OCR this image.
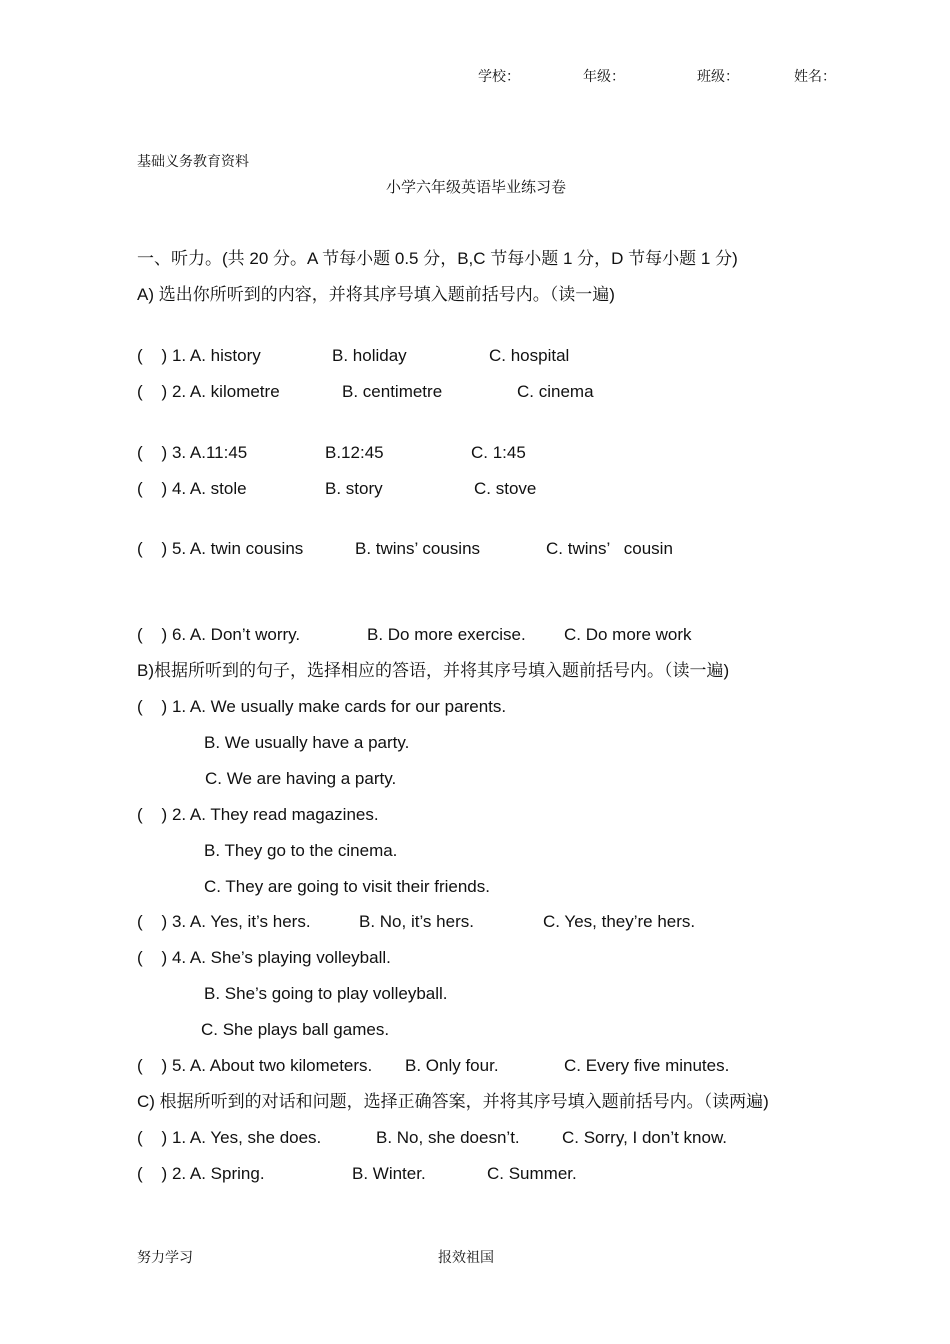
学校：	年级：	班级：	姓名：
基础义务教育资料
小学六年级英语毕业练习卷
一、听力。(共 20 分。A 节每小题 0.5 分，B,C 节每小题 1 分，D 节每小题 1 分)
A) 选出你所听到的内容，并将其序号填入题前括号内。（读一遍)
(    ) 1. A. history	B. holiday	C. hospital
(    ) 2. A. kilometre	B. centimetre	C. cinema
(    ) 3. A.11:45	B.12:45	C. 1:45
(    ) 4. A. stole	B. story	C. stove
(    ) 5. A. twin cousins	B. twins’ cousins	C. twins’   cousin
(    ) 6. A. Don’t worry.	B. Do more exercise. C. Do more work
B)根据所听到的句子，选择相应的答语，并将其序号填入题前括号内。（读一遍)
(    ) 1. A. We usually make cards for our parents.
B. We usually have a party.
C. We are having a party.
(    ) 2. A. They read magazines.
B. They go to the cinema.
C. They are going to visit their friends.
(    ) 3. A. Yes, it’s hers.	B. No, it’s hers.	C. Yes, they’re hers.
(    ) 4. A. She’s playing volleyball.
B. She’s going to play volleyball.
C. She plays ball games.
(    ) 5. A. About two kilometers. B. Only four.	C. Every five minutes.
C) 根据所听到的对话和问题，选择正确答案，并将其序号填入题前括号内。（读两遍)
(    ) 1. A. Yes, she does.	B. No, she doesn’t. C. Sorry, I don’t know.
(    ) 2. A. Spring.	B. Winter.	C. Summer.
努力学习	报效祖国
